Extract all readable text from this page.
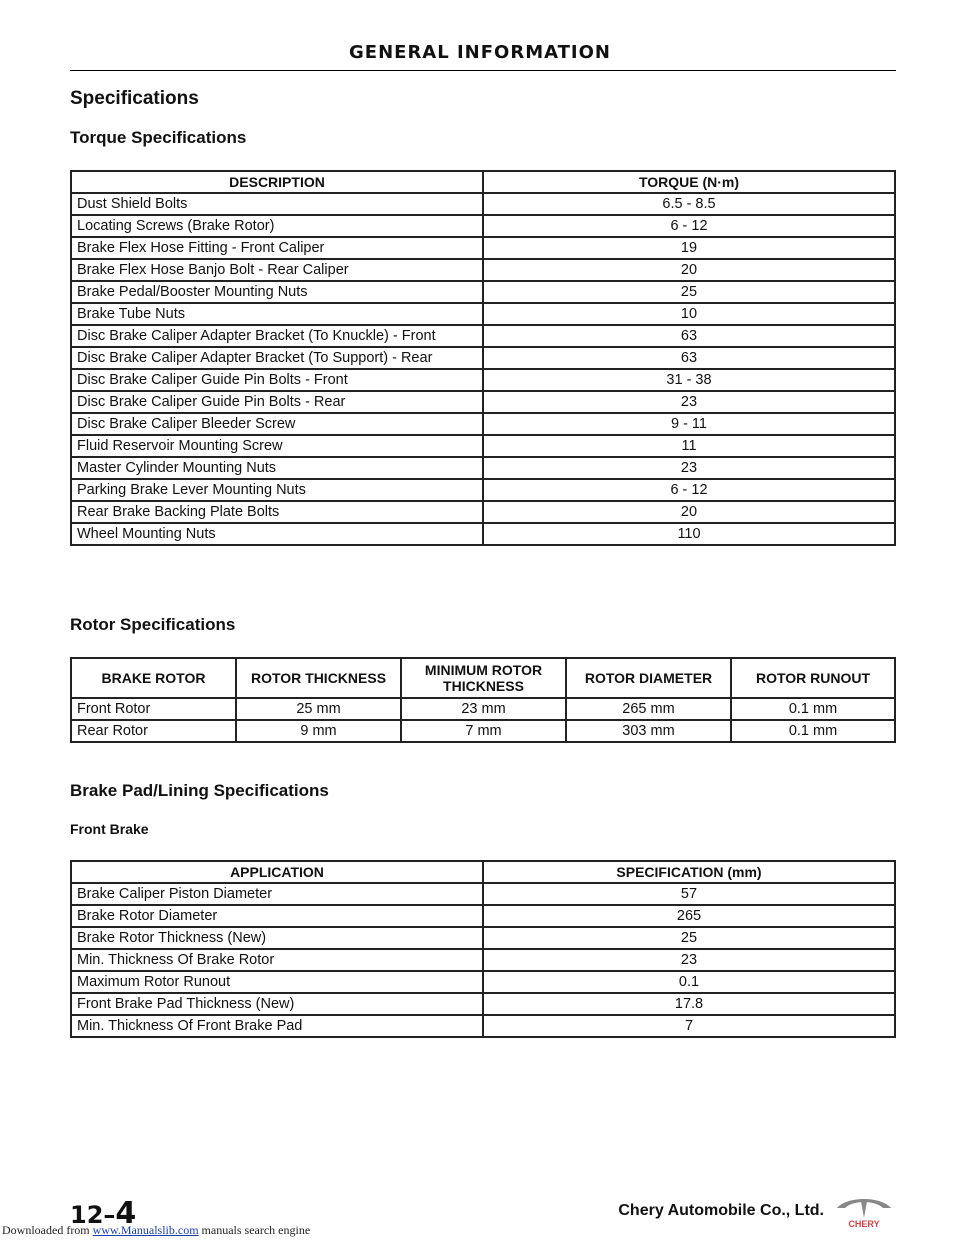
GENERAL INFORMATION
Specifications
Torque Specifications
DESCRIPTION	TORQUE (N·m)
Dust Shield Bolts	6.5 - 8.5
Locating Screws (Brake Rotor)	6 - 12
Brake Flex Hose Fitting - Front Caliper	19
Brake Flex Hose Banjo Bolt - Rear Caliper	20
Brake Pedal/Booster Mounting Nuts	25
Brake Tube Nuts	10
Disc Brake Caliper Adapter Bracket (To Knuckle) - Front	63
Disc Brake Caliper Adapter Bracket (To Support) - Rear	63
Disc Brake Caliper Guide Pin Bolts - Front	31 - 38
Disc Brake Caliper Guide Pin Bolts - Rear	23
Disc Brake Caliper Bleeder Screw	9 - 11
Fluid Reservoir Mounting Screw	11
Master Cylinder Mounting Nuts	23
Parking Brake Lever Mounting Nuts	6 - 12
Rear Brake Backing Plate Bolts	20
Wheel Mounting Nuts	110
Rotor Specifications
BRAKE ROTOR	ROTOR THICKNESS	MINIMUM ROTOR THICKNESS	ROTOR DIAMETER	ROTOR RUNOUT
Front Rotor	25 mm	23 mm	265 mm	0.1 mm
Rear Rotor	9 mm	7 mm	303 mm	0.1 mm
Brake Pad/Lining Specifications
Front Brake
APPLICATION	SPECIFICATION (mm)
Brake Caliper Piston Diameter	57
Brake Rotor Diameter	265
Brake Rotor Thickness (New)	25
Min. Thickness Of Brake Rotor	23
Maximum Rotor Runout	0.1
Front Brake Pad Thickness (New)	17.8
Min. Thickness Of Front Brake Pad	7
12–4	Chery Automobile Co., Ltd.
CHERY
Downloaded from www.Manualslib.com manuals search engine
